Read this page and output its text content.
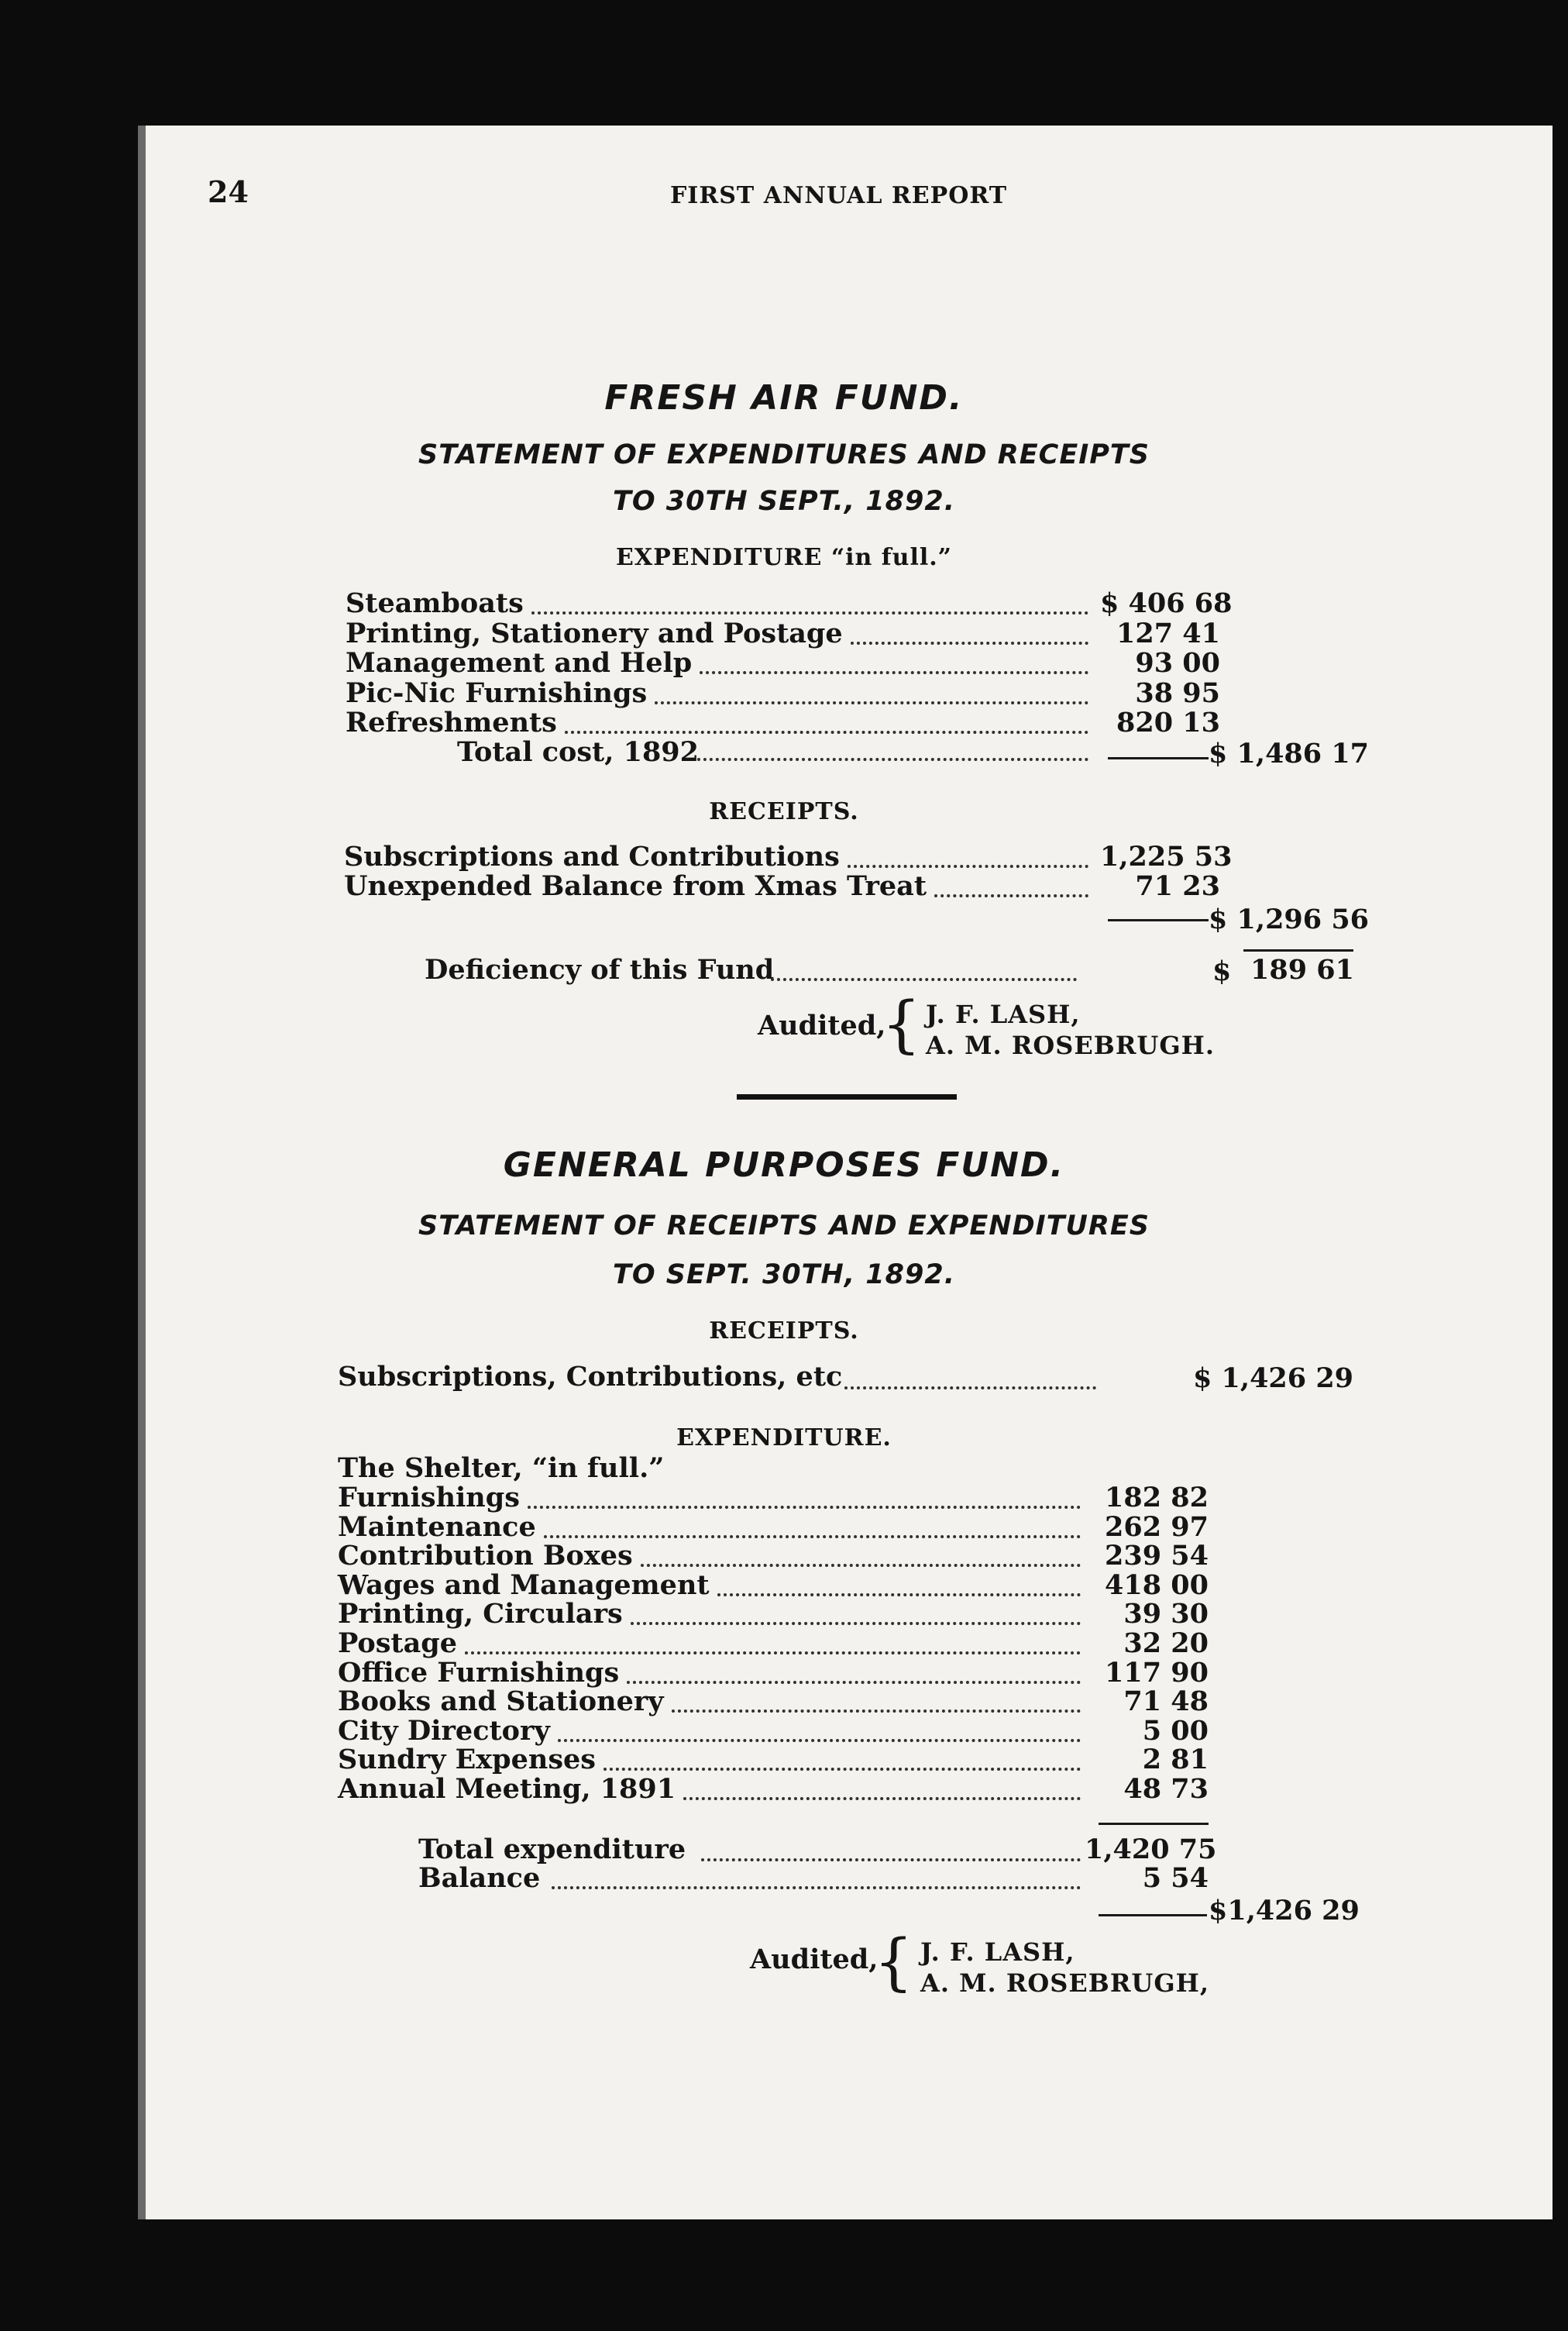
24	FIRST ANNUAL REPORT
FRESH AIR FUND.
STATEMENT OF EXPENDITURES AND RECEIPTS
TO 30TH SEPT., 1892.
EXPENDITURE “in full.”
Steamboats	$ 406 68
Printing, Stationery and Postage	127 41
Management and Help	93 00
Pic-Nic Furnishings	38 95
Refreshments	820 13
Total cost, 1892	$ 1,486 17
RECEIPTS.
Subscriptions and Contributions	1,225 53
Unexpended Balance from Xmas Treat	71 23
$ 1,296 56
Deficiency of this Fund	$ 189 61
Audited,
{ J. F. LASH,
A. M. ROSEBRUGH.
GENERAL PURPOSES FUND.
STATEMENT OF RECEIPTS AND EXPENDITURES
TO SEPT. 30TH, 1892.
RECEIPTS.
Subscriptions, Contributions, etc	$ 1,426 29
EXPENDITURE.
The Shelter, “in full.”
Furnishings	182 82
Maintenance	262 97
Contribution Boxes	239 54
Wages and Management	418 00
Printing, Circulars	39 30
Postage	32 20
Office Furnishings	117 90
Books and Stationery	71 48
City Directory	5 00
Sundry Expenses	2 81
Annual Meeting, 1891	48 73
Total expenditure	1,420 75
Balance	5 54
$1,426 29
Audited,
{ J. F. LASH,
A. M. ROSEBRUGH,
